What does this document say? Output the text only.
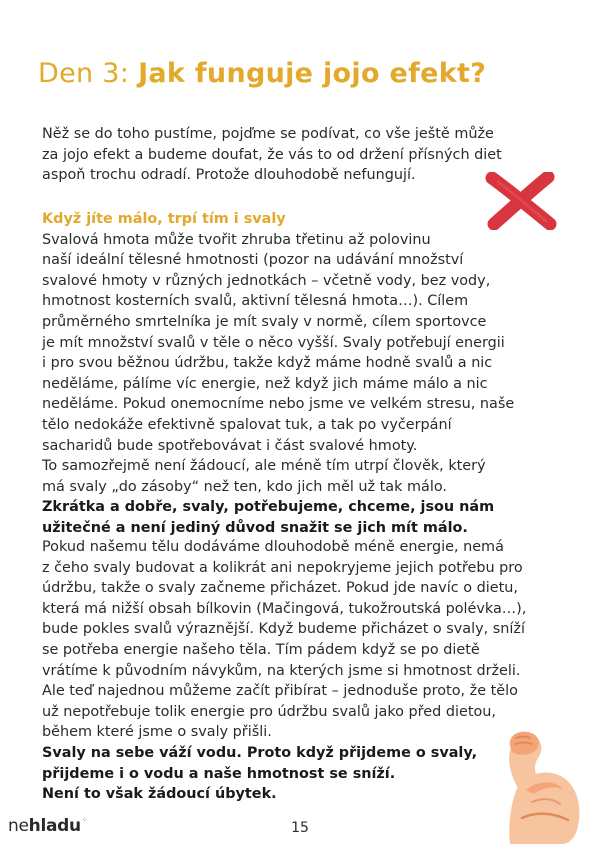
Den 3: Jak funguje jojo efekt?

Něž se do toho pustíme, pojďme se podívat, co vše ještě může

za jojo efekt a budeme doufat, že vás to od držení přísných diet

aspoň trochu odradí. Protože dlouhodobě nefungují.

Když jíte málo, trpí tím i svaly

Svalová hmota může tvořit zhruba třetinu až polovinu

naší ideální tělesné hmotnosti (pozor na udávání množství

svalové hmoty v různých jednotkách – včetně vody, bez vody,

hmotnost kosterních svalů, aktivní tělesná hmota…). Cílem

průměrného smrtelníka je mít svaly v normě, cílem sportovce

je mít množství svalů v těle o něco vyšší. Svaly potřebují energii

i pro svou běžnou údržbu, takže když máme hodně svalů a nic

neděláme, pálíme víc energie, než když jich máme málo a nic

neděláme. Pokud onemocníme nebo jsme ve velkém stresu, naše

tělo nedokáže efektivně spalovat tuk, a tak po vyčerpání

sacharidů bude spotřebovávat i část svalové hmoty.

To samozřejmě není žádoucí, ale méně tím utrpí člověk, který

má svaly „do zásoby“ než ten, kdo jich měl už tak málo.

Zkrátka a dobře, svaly, potřebujeme, chceme, jsou nám

užitečné a není jediný důvod snažit se jich mít málo.

Pokud našemu tělu dodáváme dlouhodobě méně energie, nemá

z čeho svaly budovat a kolikrát ani nepokryjeme jejich potřebu pro

údržbu, takže o svaly začneme přicházet. Pokud jde navíc o dietu,

která má nižší obsah bílkovin (Mačingová, tukožroutská polévka…),

bude pokles svalů výraznější. Když budeme přicházet o svaly, sníží

se potřeba energie našeho těla. Tím pádem když se po dietě

vrátíme k původním návykům, na kterých jsme si hmotnost drželi.

Ale teď najednou můžeme začít přibírat – jednoduše proto, že tělo

už nepotřebuje tolik energie pro údržbu svalů jako před dietou,

během které jsme o svaly přišli.

Svaly na sebe váží vodu. Proto když přijdeme o svaly,

přijdeme i o vodu a naše hmotnost se sníží.

Není to však žádoucí úbytek.

nehladu⁘	15
